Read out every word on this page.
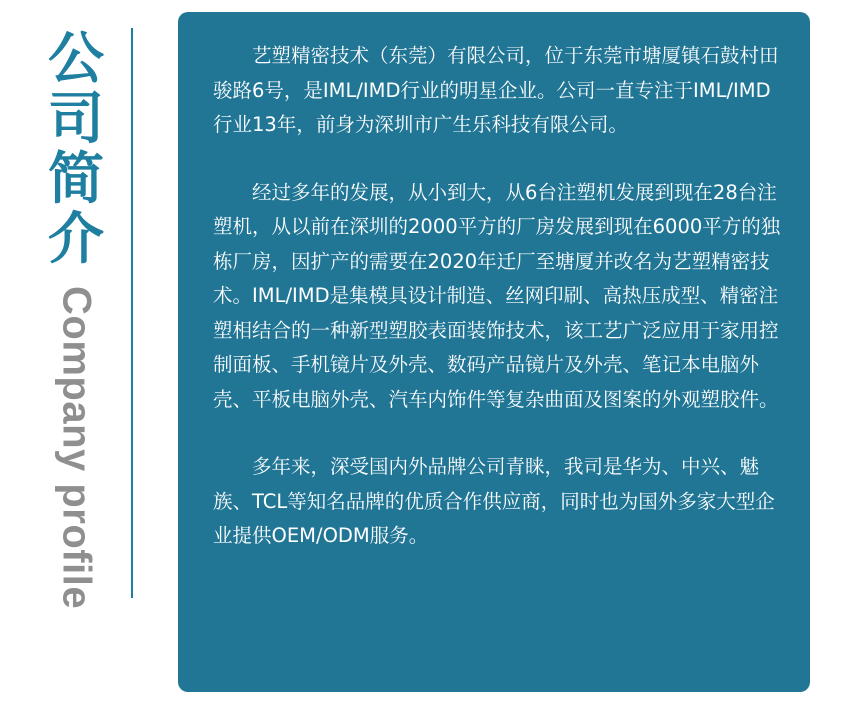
公
司
简
介
Company profile

艺塑精密技术（东莞）有限公司，位于东莞市塘厦镇石鼓村田骏路6号，是IML/IMD行业的明星企业。公司一直专注于IML/IMD行业13年，前身为深圳市广生乐科技有限公司。

经过多年的发展，从小到大，从6台注塑机发展到现在28台注塑机，从以前在深圳的2000平方的厂房发展到现在6000平方的独栋厂房，因扩产的需要在2020年迁厂至塘厦并改名为艺塑精密技术。IML/IMD是集模具设计制造、丝网印刷、高热压成型、精密注塑相结合的一种新型塑胶表面装饰技术，该工艺广泛应用于家用控制面板、手机镜片及外壳、数码产品镜片及外壳、笔记本电脑外壳、平板电脑外壳、汽车内饰件等复杂曲面及图案的外观塑胶件。

多年来，深受国内外品牌公司青睐，我司是华为、中兴、魅族、TCL等知名品牌的优质合作供应商，同时也为国外多家大型企业提供OEM/ODM服务。
